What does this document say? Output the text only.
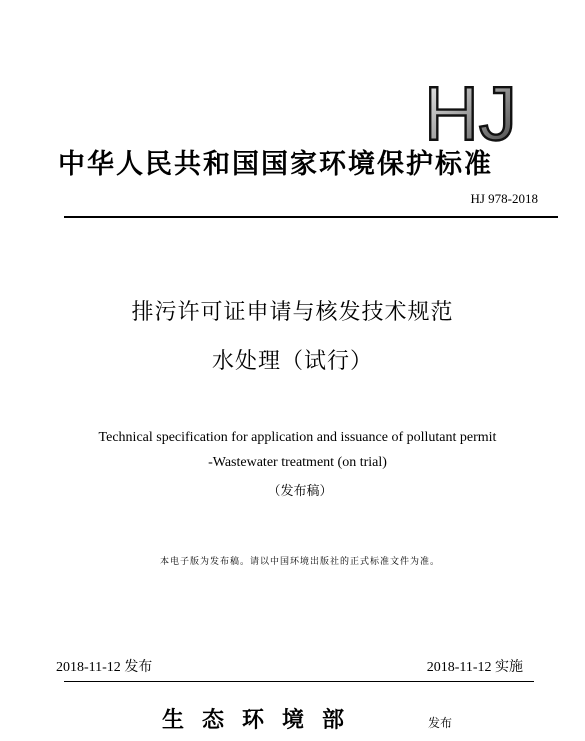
HJ
中华人民共和国国家环境保护标准
HJ 978-2018
排污许可证申请与核发技术规范
水处理（试行）
Technical specification for application and issuance of pollutant permit
-Wastewater treatment (on trial)
（发布稿）
本电子版为发布稿。请以中国环境出版社的正式标准文件为准。
2018-11-12 发布	2018-11-12 实施
生态环境部	发布
